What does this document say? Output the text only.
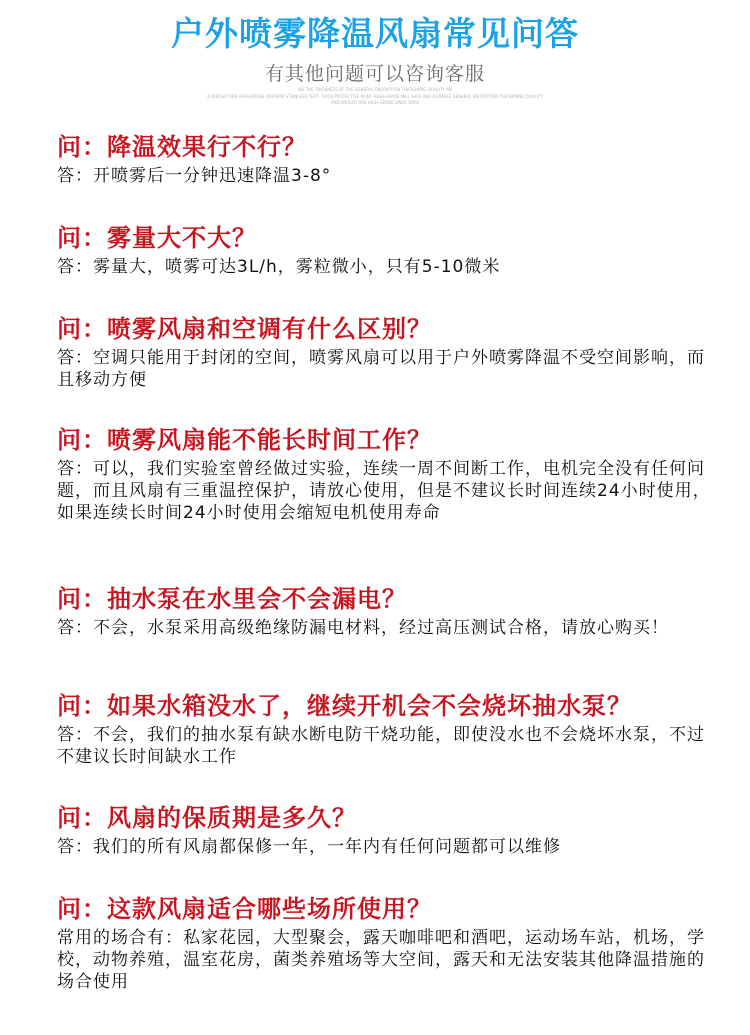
户外喷雾降温风扇常见问答
有其他问题可以咨询客服
WE THE THICKNESS OF THE GENERAL ENCRYPTION THICKENING QUALITY AN
D WEIGHT ARE HIGH-GRADE UNIFORM STAINLESS TEXT, THICK PROTECTIVE PAINT HIGH-GRADE MILL SAFE AND DURABLE GENERAL ENCRYPTION THICKENING QUALITY
AND WEIGHT ARE HIGH-GRADE LINES THRO
问：降温效果行不行？
答：开喷雾后一分钟迅速降温3-8°
问：雾量大不大？
答：雾量大，喷雾可达3L/h，雾粒微小，只有5-10微米
问：喷雾风扇和空调有什么区别？
答：空调只能用于封闭的空间，喷雾风扇可以用于户外喷雾降温不受空间影响，而且移动方便
问：喷雾风扇能不能长时间工作？
答：可以，我们实验室曾经做过实验，连续一周不间断工作，电机完全没有任何问题，而且风扇有三重温控保护，请放心使用，但是不建议长时间连续24小时使用，如果连续长时间24小时使用会缩短电机使用寿命
问：抽水泵在水里会不会漏电？
答：不会，水泵采用高级绝缘防漏电材料，经过高压测试合格，请放心购买！
问：如果水箱没水了，继续开机会不会烧坏抽水泵？
答：不会，我们的抽水泵有缺水断电防干烧功能，即使没水也不会烧坏水泵，不过不建议长时间缺水工作
问：风扇的保质期是多久？
答：我们的所有风扇都保修一年，一年内有任何问题都可以维修
问：这款风扇适合哪些场所使用？
常用的场合有：私家花园，大型聚会，露天咖啡吧和酒吧，运动场车站，机场，学校，动物养殖，温室花房，菌类养殖场等大空间，露天和无法安装其他降温措施的场合使用
